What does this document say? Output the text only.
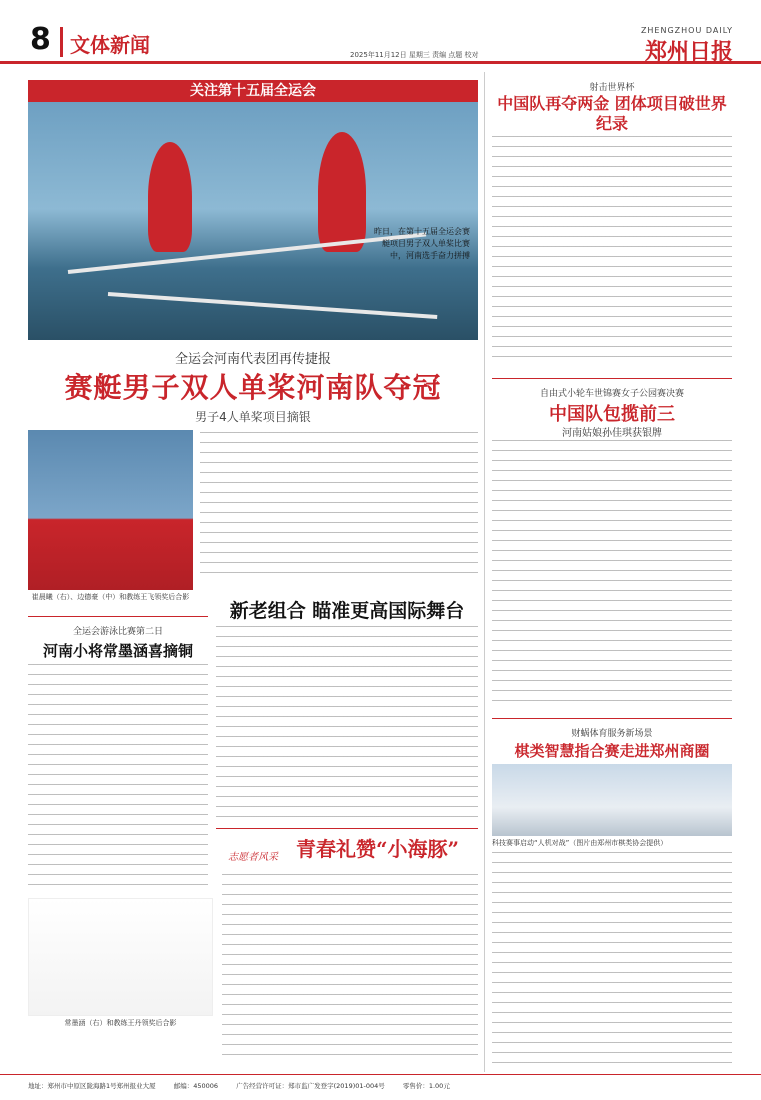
8 文体新闻	2025年11月12日 星期三 责编 点题 校对
ZHENGZHOU DAILY
郑州日报
关注第十五届全运会
昨日，在第十五届全运会赛艇项目男子双人单桨比赛中，河南选手奋力拼搏
全运会河南代表团再传捷报
赛艇男子双人单桨河南队夺冠
男子4人单桨项目摘银
崔晨曦（右）、边德豪（中）和教练王飞领奖后合影
全运会游泳比赛第二日
河南小将常墨涵喜摘铜
新老组合 瞄准更高国际舞台
志愿者风采 青春礼赞“小海豚”
常墨涵（右）和教练王丹领奖后合影
射击世界杯
中国队再夺两金 团体项目破世界纪录
自由式小轮车世锦赛女子公园赛决赛
中国队包揽前三
河南姑娘孙佳琪获银牌
财蜗体育服务新场景
棋类智慧指合赛走进郑州商圈
科技赛事启动“人机对战”（图片由郑州市棋类协会提供）
地址：郑州市中原区陇海路1号郑州报业大厦	邮编：450006	广告经营许可证：郑市监广发登字(2019)01-004号	零售价：1.00元
